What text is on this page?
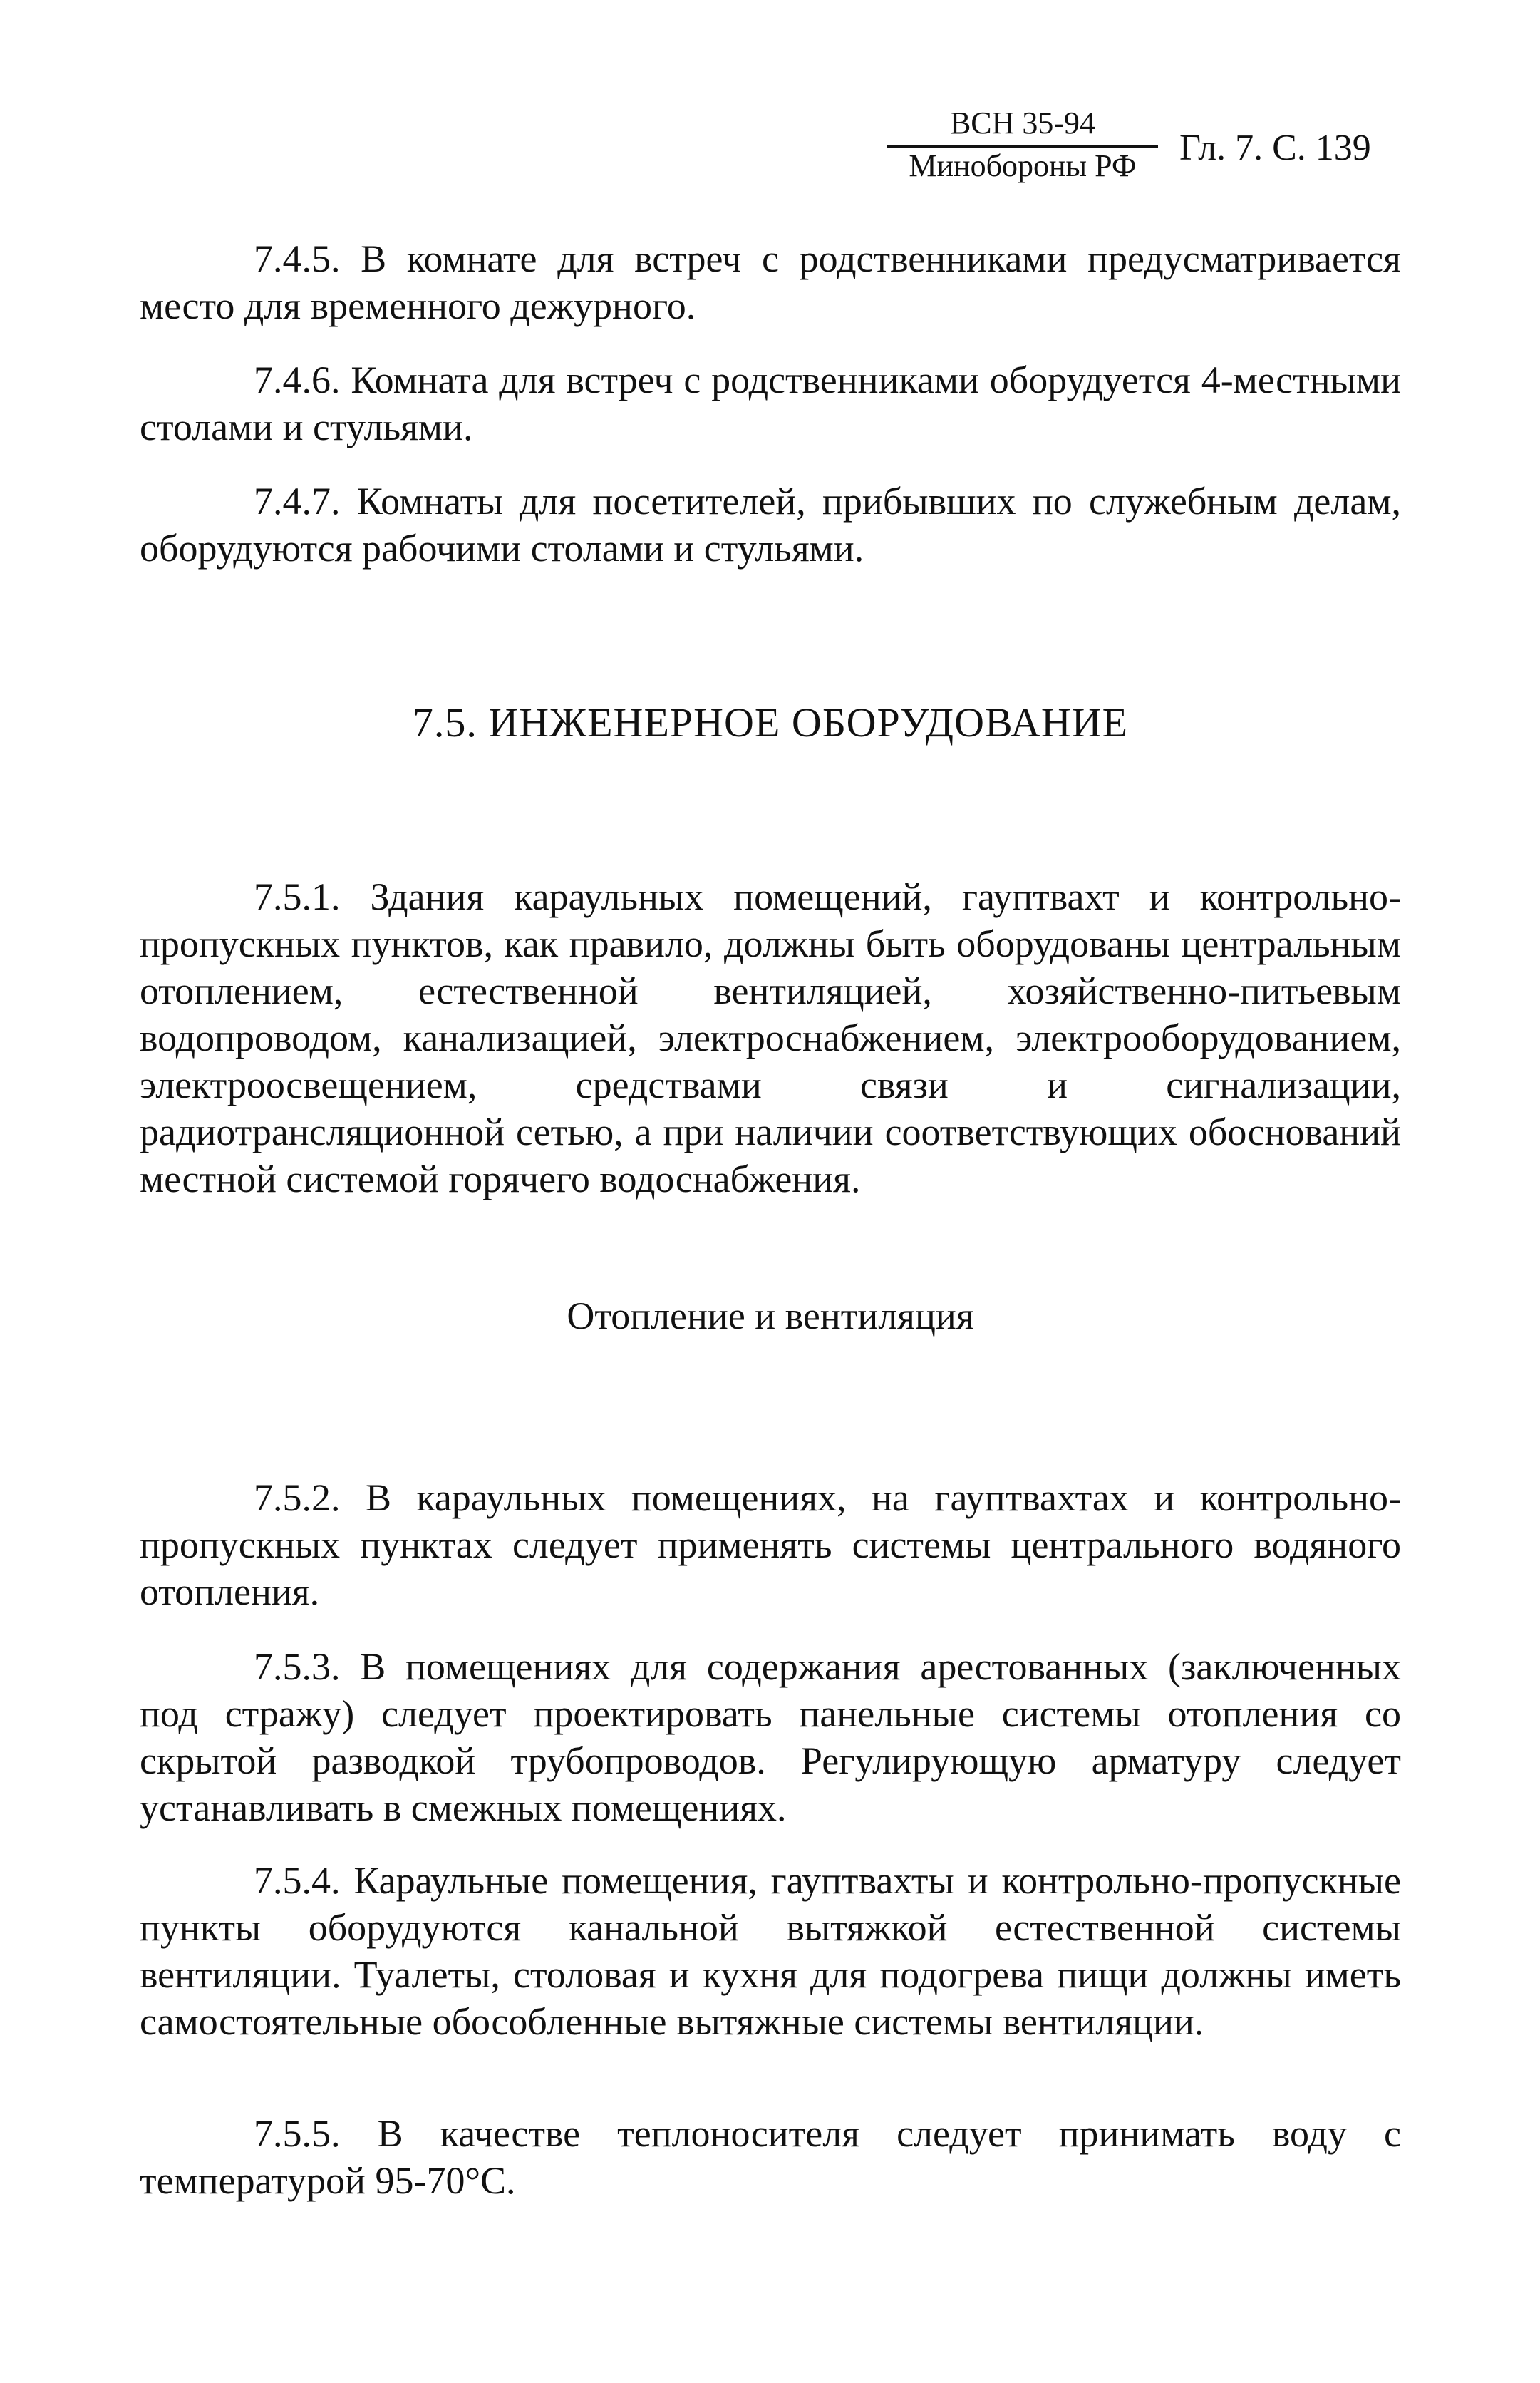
ВСН 35-94
Минобороны РФ	Гл. 7. С. 139
7.4.5. В комнате для встреч с родственниками предусматривается место для временного дежурного.
7.4.6. Комната для встреч с родственниками оборудуется 4-местными столами и стульями.
7.4.7. Комнаты для посетителей, прибывших по служебным делам, оборудуются рабочими столами и стульями.
7.5. ИНЖЕНЕРНОЕ ОБОРУДОВАНИЕ
7.5.1. Здания караульных помещений, гауптвахт и контрольно-пропускных пунктов, как правило, должны быть оборудованы центральным отоплением, естественной вентиляцией, хозяйственно-питьевым водопроводом, канализацией, электроснабжением, электрооборудованием, электроосвещением, средствами связи и сигнализации, радиотрансляционной сетью, а при наличии соответствующих обоснований местной системой горячего водоснабжения.
Отопление и вентиляция
7.5.2. В караульных помещениях, на гауптвахтах и контрольно-пропускных пунктах следует применять системы центрального водяного отопления.
7.5.3. В помещениях для содержания арестованных (заключенных под стражу) следует проектировать панельные системы отопления со скрытой разводкой трубопроводов. Регулирующую арматуру следует устанавливать в смежных помещениях.
7.5.4. Караульные помещения, гауптвахты и контрольно-пропускные пункты оборудуются канальной вытяжкой естественной системы вентиляции. Туалеты, столовая и кухня для подогрева пищи должны иметь самостоятельные обособленные вытяжные системы вентиляции.
7.5.5. В качестве теплоносителя следует принимать воду с температурой 95-70°С.
